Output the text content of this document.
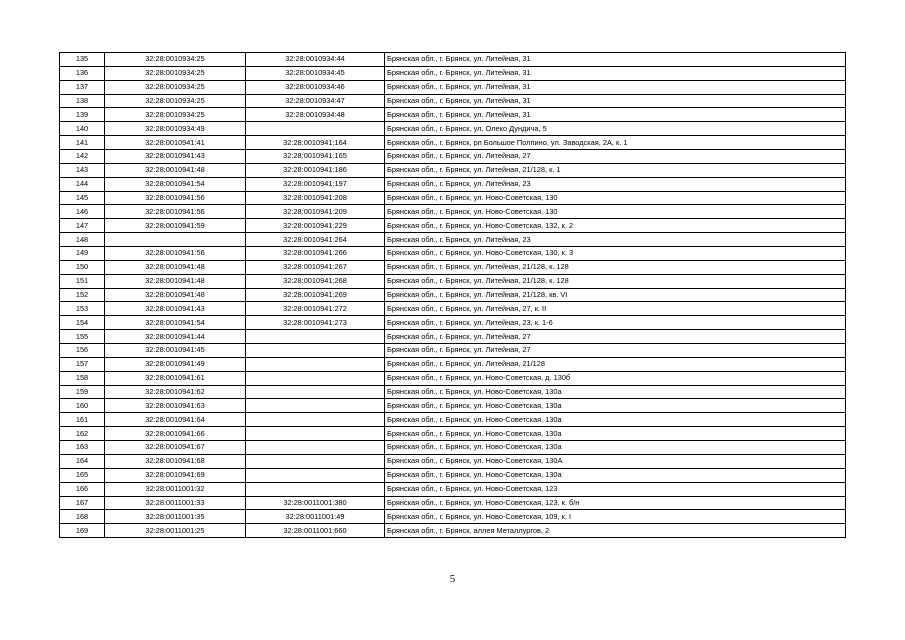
135	32:28:0010934:25	32:28:0010934:44	Брянская обл., г. Брянск, ул. Литейная, 31
136	32:28:0010934:25	32:28:0010934:45	Брянская обл., г. Брянск, ул. Литейная, 31
137	32:28:0010934:25	32:28:0010934:46	Брянская обл., г. Брянск, ул. Литейная, 31
138	32:28:0010934:25	32:28:0010934:47	Брянская обл., г. Брянск, ул. Литейная, 31
139	32:28:0010934:25	32:28:0010934:48	Брянская обл., г. Брянск, ул. Литейная, 31
140	32:28:0010934:49		Брянская обл., г. Брянск, ул. Олеко Дундича, 5
141	32:28:0010941:41	32:28:0010941:164	Брянская обл., г. Брянск, рп Большое Полпино, ул. Заводская, 2А, к. 1
142	32:28:0010941:43	32:28:0010941:165	Брянская обл., г. Брянск, ул. Литейная, 27
143	32:28:0010941:48	32:28:0010941:186	Брянская обл., г. Брянск, ул. Литейная, 21/128, к. 1
144	32:28:0010941:54	32:28:0010941:197	Брянская обл., г. Брянск, ул. Литейная, 23
145	32:28:0010941:56	32:28:0010941:208	Брянская обл., г. Брянск, ул. Ново-Советская, 130
146	32:28:0010941:56	32:28:0010941:209	Брянская обл., г. Брянск, ул. Ново-Советская, 130
147	32:28:0010941:59	32:28:0010941:229	Брянская обл., г. Брянск, ул. Ново-Советская, 132, к. 2
148		32:28:0010941:264	Брянская обл., г. Брянск, ул. Литейная, 23
149	32:28:0010941:56	32:28:0010941:266	Брянская обл., г. Брянск, ул. Ново-Советская, 130, к. 3
150	32:28:0010941:48	32:28:0010941:267	Брянская обл., г. Брянск, ул. Литейная, 21/128, к. 128
151	32:28:0010941:48	32:28:0010941:268	Брянская обл., г. Брянск, ул. Литейная, 21/128, к. 128
152	32:28:0010941:48	32:28:0010941:269	Брянская обл., г. Брянск, ул. Литейная, 21/128, кв. VI
153	32:28:0010941:43	32:28:0010941:272	Брянская обл., г. Брянск, ул. Литейная, 27, к. II
154	32:28:0010941:54	32:28:0010941:273	Брянская обл., г. Брянск, ул. Литейная, 23, к. 1-6
155	32:28:0010941:44		Брянская обл., г. Брянск, ул. Литейная, 27
156	32:28:0010941:45		Брянская обл., г. Брянск, ул. Литейная, 27
157	32:28:0010941:49		Брянская обл., г. Брянск, ул. Литейная, 21/128
158	32:28:0010941:61		Брянская обл., г. Брянск, ул. Ново-Советская, д. 130б
159	32:28:0010941:62		Брянская обл., г. Брянск, ул. Ново-Советская, 130а
160	32:28:0010941:63		Брянская обл., г. Брянск, ул. Ново-Советская, 130а
161	32:28:0010941:64		Брянская обл., г. Брянск, ул. Ново-Советская, 130а
162	32:28:0010941:66		Брянская обл., г. Брянск, ул. Ново-Советская, 130а
163	32:28:0010941:67		Брянская обл., г. Брянск, ул. Ново-Советская, 130а
164	32:28:0010941:68		Брянская обл., г. Брянск, ул. Ново-Советская, 130А
165	32:28:0010941:69		Брянская обл., г. Брянск, ул. Ново-Советская, 130а
166	32:28:0011001:32		Брянская обл., г. Брянск, ул. Ново-Советская, 123
167	32:28:0011001:33	32:28:0011001:380	Брянская обл., г. Брянск, ул. Ново-Советская, 123, к. б/н
168	32:28:0011001:35	32:28:0011001:49	Брянская обл., г. Брянск, ул. Ново-Советская, 109, к. I
169	32:28:0011001:25	32:28:0011001:660	Брянская обл., г. Брянск, аллея Металлургов, 2
5
